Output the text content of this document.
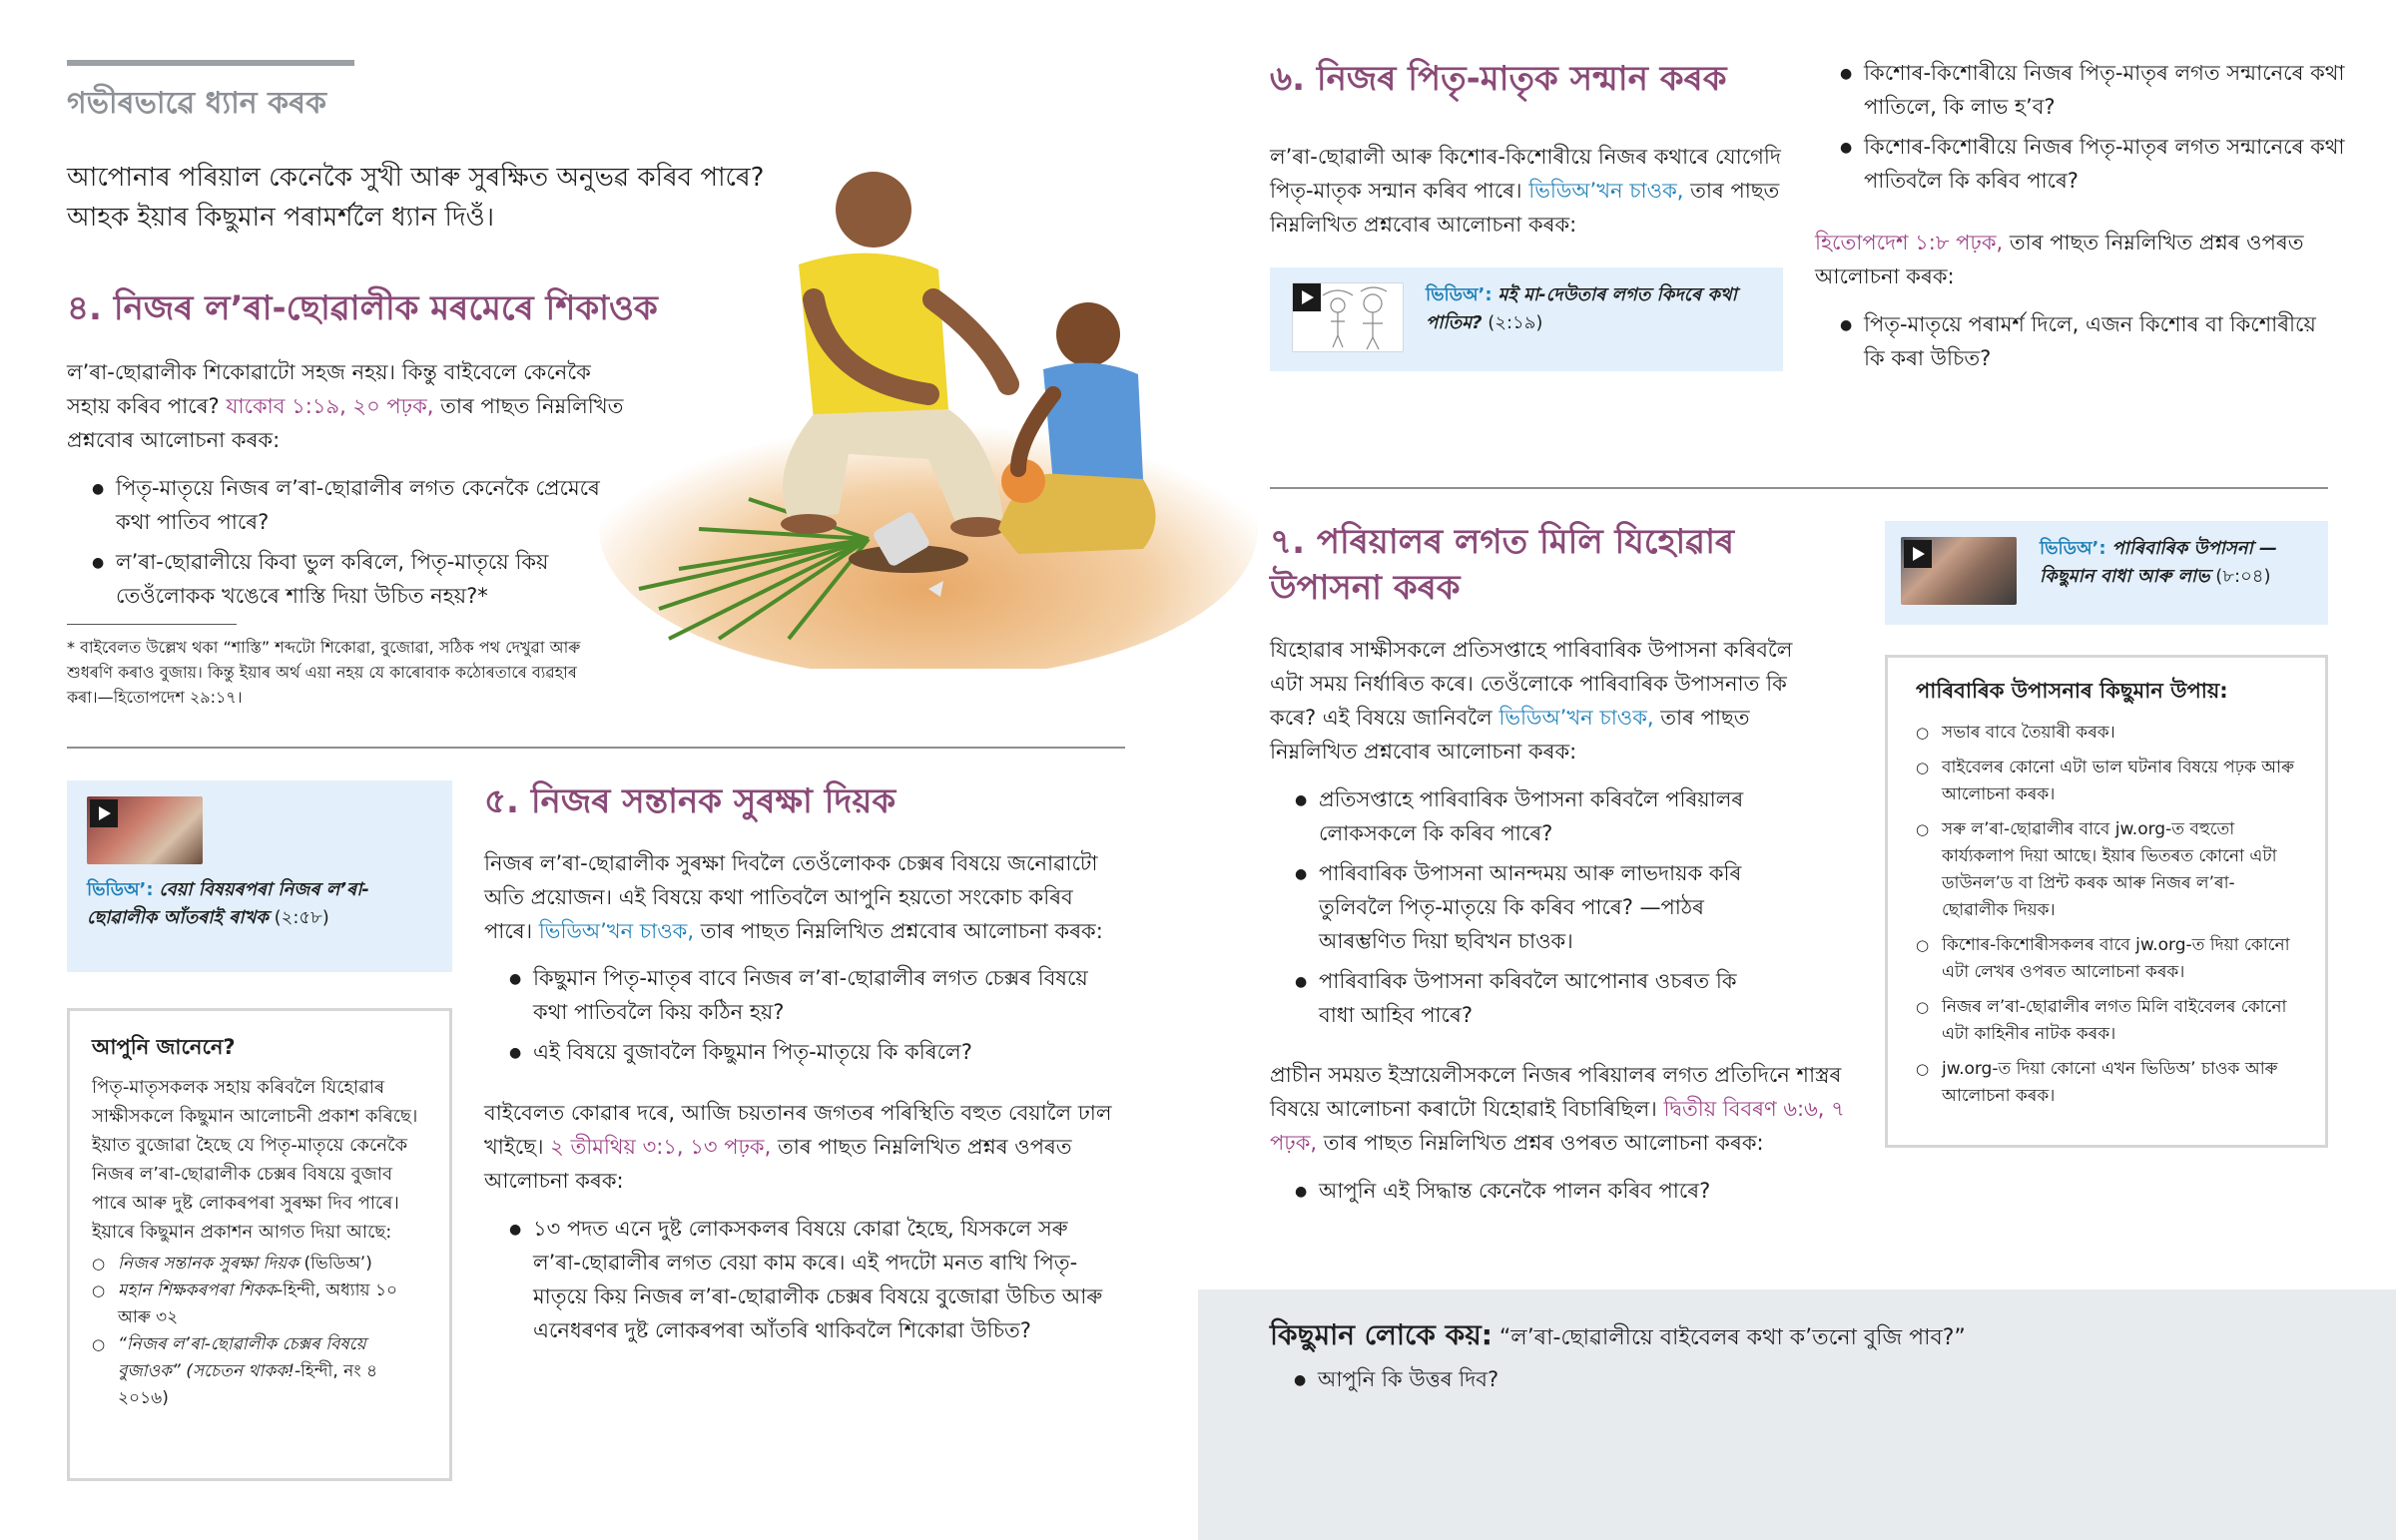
গভীৰভাৱে ধ্যান কৰক
আপোনাৰ পৰিয়াল কেনেকৈ সুখী আৰু সুৰক্ষিত অনুভৱ কৰিব পাৰে?
আহক ইয়াৰ কিছুমান পৰামৰ্শলৈ ধ্যান দিওঁ।
৪. নিজৰ ল’ৰা-ছোৱালীক মৰমেৰে শিকাওক
ল’ৰা-ছোৱালীক শিকোৱাটো সহজ নহয়। কিন্তু বাইবেলে কেনেকৈ সহায় কৰিব পাৰে? যাকোব ১:১৯, ২০ পঢ়ক, তাৰ পাছত নিম্নলিখিত প্ৰশ্নবোৰ আলোচনা কৰক:
● পিতৃ-মাতৃয়ে নিজৰ ল’ৰা-ছোৱালীৰ লগত কেনেকৈ প্ৰেমেৰে কথা পাতিব পাৰে?
● ল’ৰা-ছোৱালীয়ে কিবা ভুল কৰিলে, পিতৃ-মাতৃয়ে কিয় তেওঁলোকক খঙেৰে শাস্তি দিয়া উচিত নহয়?*
* বাইবেলত উল্লেখ থকা “শাস্তি” শব্দটো শিকোৱা, বুজোৱা, সঠিক পথ দেখুৱা আৰু শুধৰণি কৰাও বুজায়। কিন্তু ইয়াৰ অৰ্থ এয়া নহয় যে কাৰোবাক কঠোৰতাৰে ব্যৱহাৰ কৰা।—হিতোপদেশ ২৯:১৭।
ভিডিঅ’: বেয়া বিষয়ৰপৰা নিজৰ ল’ৰা-ছোৱালীক আঁতৰাই ৰাখক (২:৫৮)
আপুনি জানেনে?
পিতৃ-মাতৃসকলক সহায় কৰিবলৈ যিহোৱাৰ সাক্ষীসকলে কিছুমান আলোচনী প্ৰকাশ কৰিছে। ইয়াত বুজোৱা হৈছে যে পিতৃ-মাতৃয়ে কেনেকৈ নিজৰ ল’ৰা-ছোৱালীক চেক্সৰ বিষয়ে বুজাব পাৰে আৰু দুষ্ট লোকৰপৰা সুৰক্ষা দিব পাৰে। ইয়াৰে কিছুমান প্ৰকাশন আগত দিয়া আছে:
○ নিজৰ সন্তানক সুৰক্ষা দিয়ক (ভিডিঅ’)
○ মহান শিক্ষকৰপৰা শিকক-হিন্দী, অধ্যায় ১০ আৰু ৩২
○ “নিজৰ ল’ৰা-ছোৱালীক চেক্সৰ বিষয়ে বুজাওক” (সচেতন থাকক!-হিন্দী, নং ৪ ২০১৬)
৫. নিজৰ সন্তানক সুৰক্ষা দিয়ক
নিজৰ ল’ৰা-ছোৱালীক সুৰক্ষা দিবলৈ তেওঁলোকক চেক্সৰ বিষয়ে জনোৱাটো অতি প্ৰয়োজন। এই বিষয়ে কথা পাতিবলৈ আপুনি হয়তো সংকোচ কৰিব পাৰে। ভিডিঅ’খন চাওক, তাৰ পাছত নিম্নলিখিত প্ৰশ্নবোৰ আলোচনা কৰক:
● কিছুমান পিতৃ-মাতৃৰ বাবে নিজৰ ল’ৰা-ছোৱালীৰ লগত চেক্সৰ বিষয়ে কথা পাতিবলৈ কিয় কঠিন হয়?
● এই বিষয়ে বুজাবলৈ কিছুমান পিতৃ-মাতৃয়ে কি কৰিলে?
বাইবেলত কোৱাৰ দৰে, আজি চয়তানৰ জগতৰ পৰিস্থিতি বহুত বেয়ালৈ ঢাল খাইছে। ২ তীমথিয় ৩:১, ১৩ পঢ়ক, তাৰ পাছত নিম্নলিখিত প্ৰশ্নৰ ওপৰত আলোচনা কৰক:
● ১৩ পদত এনে দুষ্ট লোকসকলৰ বিষয়ে কোৱা হৈছে, যিসকলে সৰু ল’ৰা-ছোৱালীৰ লগত বেয়া কাম কৰে। এই পদটো মনত ৰাখি পিতৃ-মাতৃয়ে কিয় নিজৰ ল’ৰা-ছোৱালীক চেক্সৰ বিষয়ে বুজোৱা উচিত আৰু এনেধৰণৰ দুষ্ট লোকৰপৰা আঁতৰি থাকিবলৈ শিকোৱা উচিত?
৬. নিজৰ পিতৃ-মাতৃক সন্মান কৰক
ল’ৰা-ছোৱালী আৰু কিশোৰ-কিশোৰীয়ে নিজৰ কথাৰে যোগেদি পিতৃ-মাতৃক সন্মান কৰিব পাৰে। ভিডিঅ’খন চাওক, তাৰ পাছত নিম্নলিখিত প্ৰশ্নবোৰ আলোচনা কৰক:
ভিডিঅ’: মই মা-দেউতাৰ লগত কিদৰে কথা পাতিম? (২:১৯)
● কিশোৰ-কিশোৰীয়ে নিজৰ পিতৃ-মাতৃৰ লগত সন্মানেৰে কথা পাতিলে, কি লাভ হ’ব?
● কিশোৰ-কিশোৰীয়ে নিজৰ পিতৃ-মাতৃৰ লগত সন্মানেৰে কথা পাতিবলৈ কি কৰিব পাৰে?
হিতোপদেশ ১:৮ পঢ়ক, তাৰ পাছত নিম্নলিখিত প্ৰশ্নৰ ওপৰত আলোচনা কৰক:
● পিতৃ-মাতৃয়ে পৰামৰ্শ দিলে, এজন কিশোৰ বা কিশোৰীয়ে কি কৰা উচিত?
৭. পৰিয়ালৰ লগত মিলি যিহোৱাৰ
উপাসনা কৰক
যিহোৱাৰ সাক্ষীসকলে প্ৰতিসপ্তাহে পাৰিবাৰিক উপাসনা কৰিবলৈ এটা সময় নিৰ্ধাৰিত কৰে। তেওঁলোকে পাৰিবাৰিক উপাসনাত কি কৰে? এই বিষয়ে জানিবলৈ ভিডিঅ’খন চাওক, তাৰ পাছত নিম্নলিখিত প্ৰশ্নবোৰ আলোচনা কৰক:
● প্ৰতিসপ্তাহে পাৰিবাৰিক উপাসনা কৰিবলৈ পৰিয়ালৰ লোকসকলে কি কৰিব পাৰে?
● পাৰিবাৰিক উপাসনা আনন্দময় আৰু লাভদায়ক কৰি তুলিবলৈ পিতৃ-মাতৃয়ে কি কৰিব পাৰে? —পাঠৰ আৰম্ভণিত দিয়া ছবিখন চাওক।
● পাৰিবাৰিক উপাসনা কৰিবলৈ আপোনাৰ ওচৰত কি বাধা আহিব পাৰে?
প্ৰাচীন সময়ত ইস্ৰায়েলীসকলে নিজৰ পৰিয়ালৰ লগত প্ৰতিদিনে শাস্ত্ৰৰ বিষয়ে আলোচনা কৰাটো যিহোৱাই বিচাৰিছিল। দ্বিতীয় বিবৰণ ৬:৬, ৭ পঢ়ক, তাৰ পাছত নিম্নলিখিত প্ৰশ্নৰ ওপৰত আলোচনা কৰক:
● আপুনি এই সিদ্ধান্ত কেনেকৈ পালন কৰিব পাৰে?
ভিডিঅ’: পাৰিবাৰিক উপাসনা —কিছুমান বাধা আৰু লাভ (৮:০৪)
পাৰিবাৰিক উপাসনাৰ কিছুমান উপায়:
○ সভাৰ বাবে তৈয়াৰী কৰক।
○ বাইবেলৰ কোনো এটা ভাল ঘটনাৰ বিষয়ে পঢ়ক আৰু আলোচনা কৰক।
○ সৰু ল’ৰা-ছোৱালীৰ বাবে jw.org-ত বহুতো কাৰ্য্যকলাপ দিয়া আছে। ইয়াৰ ভিতৰত কোনো এটা ডাউনল’ড বা প্ৰিন্ট কৰক আৰু নিজৰ ল’ৰা-ছোৱালীক দিয়ক।
○ কিশোৰ-কিশোৰীসকলৰ বাবে jw.org-ত দিয়া কোনো এটা লেখৰ ওপৰত আলোচনা কৰক।
○ নিজৰ ল’ৰা-ছোৱালীৰ লগত মিলি বাইবেলৰ কোনো এটা কাহিনীৰ নাটক কৰক।
○ jw.org-ত দিয়া কোনো এখন ভিডিঅ’ চাওক আৰু আলোচনা কৰক।
কিছুমান লোকে কয়: “ল’ৰা-ছোৱালীয়ে বাইবেলৰ কথা ক’তনো বুজি পাব?”
● আপুনি কি উত্তৰ দিব?
